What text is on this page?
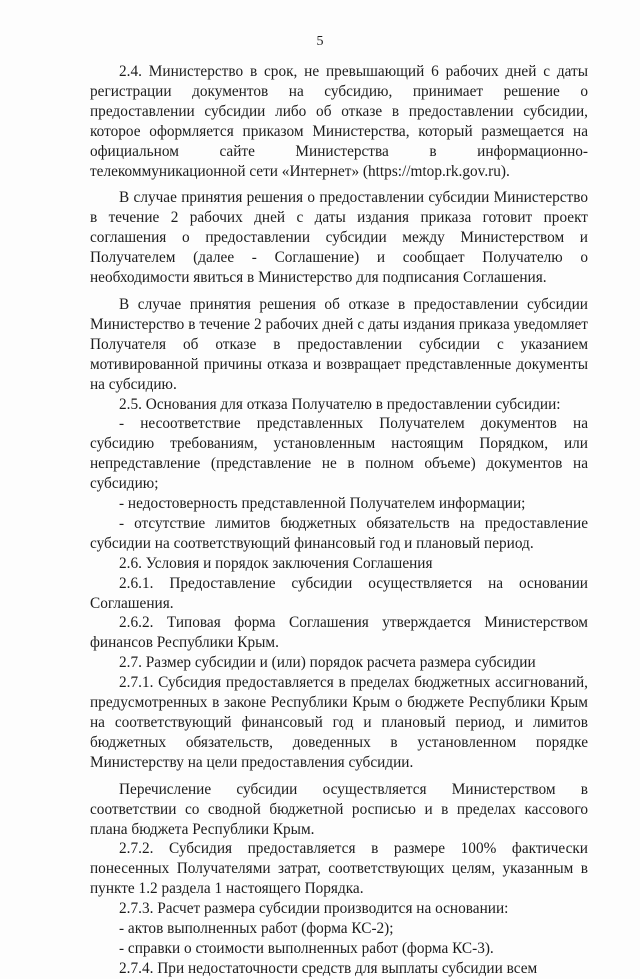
5

2.4. Министерство в срок, не превышающий 6 рабочих дней с даты регистрации документов на субсидию, принимает решение о предоставлении субсидии либо об отказе в предоставлении субсидии, которое оформляется приказом Министерства, который размещается на официальном сайте Министерства в информационно-телекоммуникационной сети «Интернет» (https://mtop.rk.gov.ru).

В случае принятия решения о предоставлении субсидии Министерство в течение 2 рабочих дней с даты издания приказа готовит проект соглашения о предоставлении субсидии между Министерством и Получателем (далее - Соглашение) и сообщает Получателю о необходимости явиться в Министерство для подписания Соглашения.

В случае принятия решения об отказе в предоставлении субсидии Министерство в течение 2 рабочих дней с даты издания приказа уведомляет Получателя об отказе в предоставлении субсидии с указанием мотивированной причины отказа и возвращает представленные документы на субсидию.

2.5. Основания для отказа Получателю в предоставлении субсидии:

- несоответствие представленных Получателем документов на субсидию требованиям, установленным настоящим Порядком, или непредставление (представление не в полном объеме) документов на субсидию;

- недостоверность представленной Получателем информации;

- отсутствие лимитов бюджетных обязательств на предоставление субсидии на соответствующий финансовый год и плановый период.

2.6. Условия и порядок заключения Соглашения

2.6.1. Предоставление субсидии осуществляется на основании Соглашения.

2.6.2. Типовая форма Соглашения утверждается Министерством финансов Республики Крым.

2.7. Размер субсидии и (или) порядок расчета размера субсидии

2.7.1. Субсидия предоставляется в пределах бюджетных ассигнований, предусмотренных в законе Республики Крым о бюджете Республики Крым на соответствующий финансовый год и плановый период, и лимитов бюджетных обязательств, доведенных в установленном порядке Министерству на цели предоставления субсидии.

Перечисление субсидии осуществляется Министерством в соответствии со сводной бюджетной росписью и в пределах кассового плана бюджета Республики Крым.

2.7.2. Субсидия предоставляется в размере 100% фактически понесенных Получателями затрат, соответствующих целям, указанным в пункте 1.2 раздела 1 настоящего Порядка.

2.7.3. Расчет размера субсидии производится на основании:

- актов выполненных работ (форма КС-2);

- справки о стоимости выполненных работ (форма КС-3).

2.7.4. При недостаточности средств для выплаты субсидии всем
